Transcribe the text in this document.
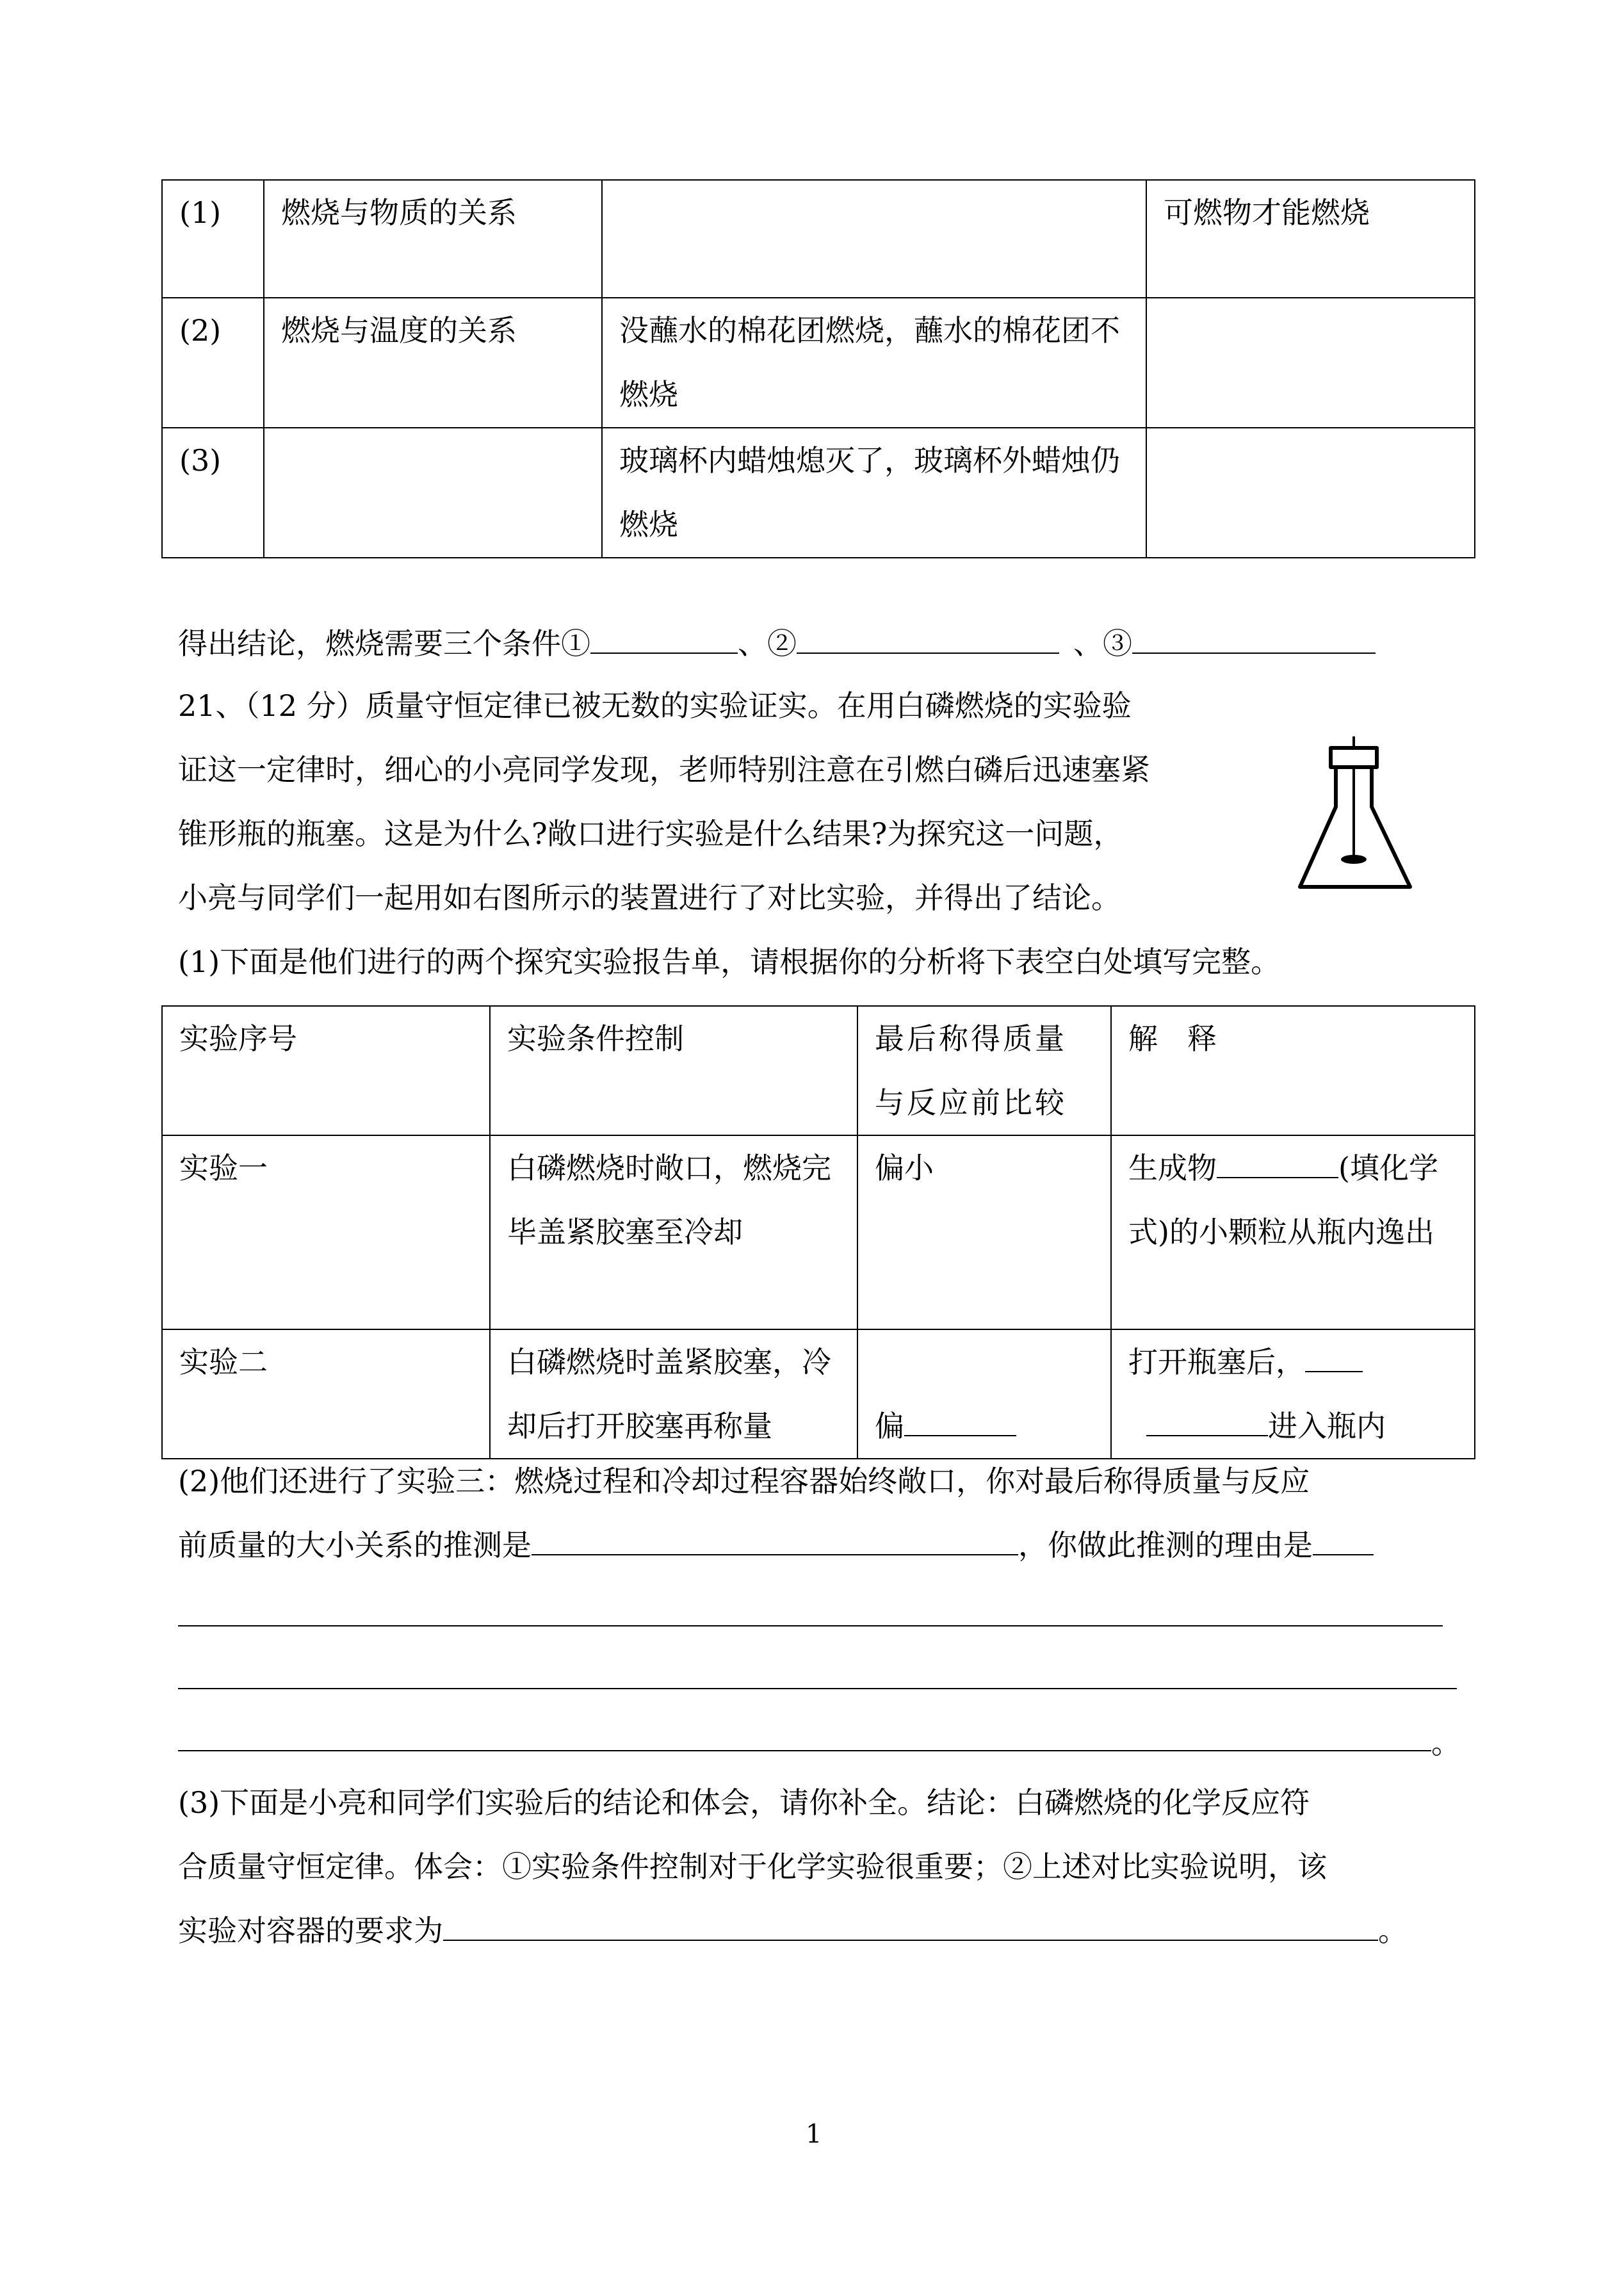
(1)	燃烧与物质的关系		可燃物才能燃烧
(2)	燃烧与温度的关系	没蘸水的棉花团燃烧，蘸水的棉花团不燃烧	
(3)		玻璃杯内蜡烛熄灭了，玻璃杯外蜡烛仍燃烧	
得出结论，燃烧需要三个条件①	、②	、③
21、（12 分）质量守恒定律已被无数的实验证实。在用白磷燃烧的实验验
证这一定律时，细心的小亮同学发现，老师特别注意在引燃白磷后迅速塞紧
锥形瓶的瓶塞。这是为什么?敞口进行实验是什么结果?为探究这一问题，
小亮与同学们一起用如右图所示的装置进行了对比实验，并得出了结论。
(1)下面是他们进行的两个探究实验报告单，请根据你的分析将下表空白处填写完整。
实验序号	实验条件控制	最后称得质量与反应前比较	解　释
实验一	白磷燃烧时敞口，燃烧完毕盖紧胶塞至冷却	偏小	生成物 (填化学式)的小颗粒从瓶内逸出
实验二	白磷燃烧时盖紧胶塞，冷却后打开胶塞再称量	偏	打开瓶塞后，
进入瓶内
(2)他们还进行了实验三：燃烧过程和冷却过程容器始终敞口，你对最后称得质量与反应
前质量的大小关系的推测是	，你做此推测的理由是
。
(3)下面是小亮和同学们实验后的结论和体会，请你补全。结论：白磷燃烧的化学反应符
合质量守恒定律。体会：①实验条件控制对于化学实验很重要；②上述对比实验说明，该
实验对容器的要求为	。
1
